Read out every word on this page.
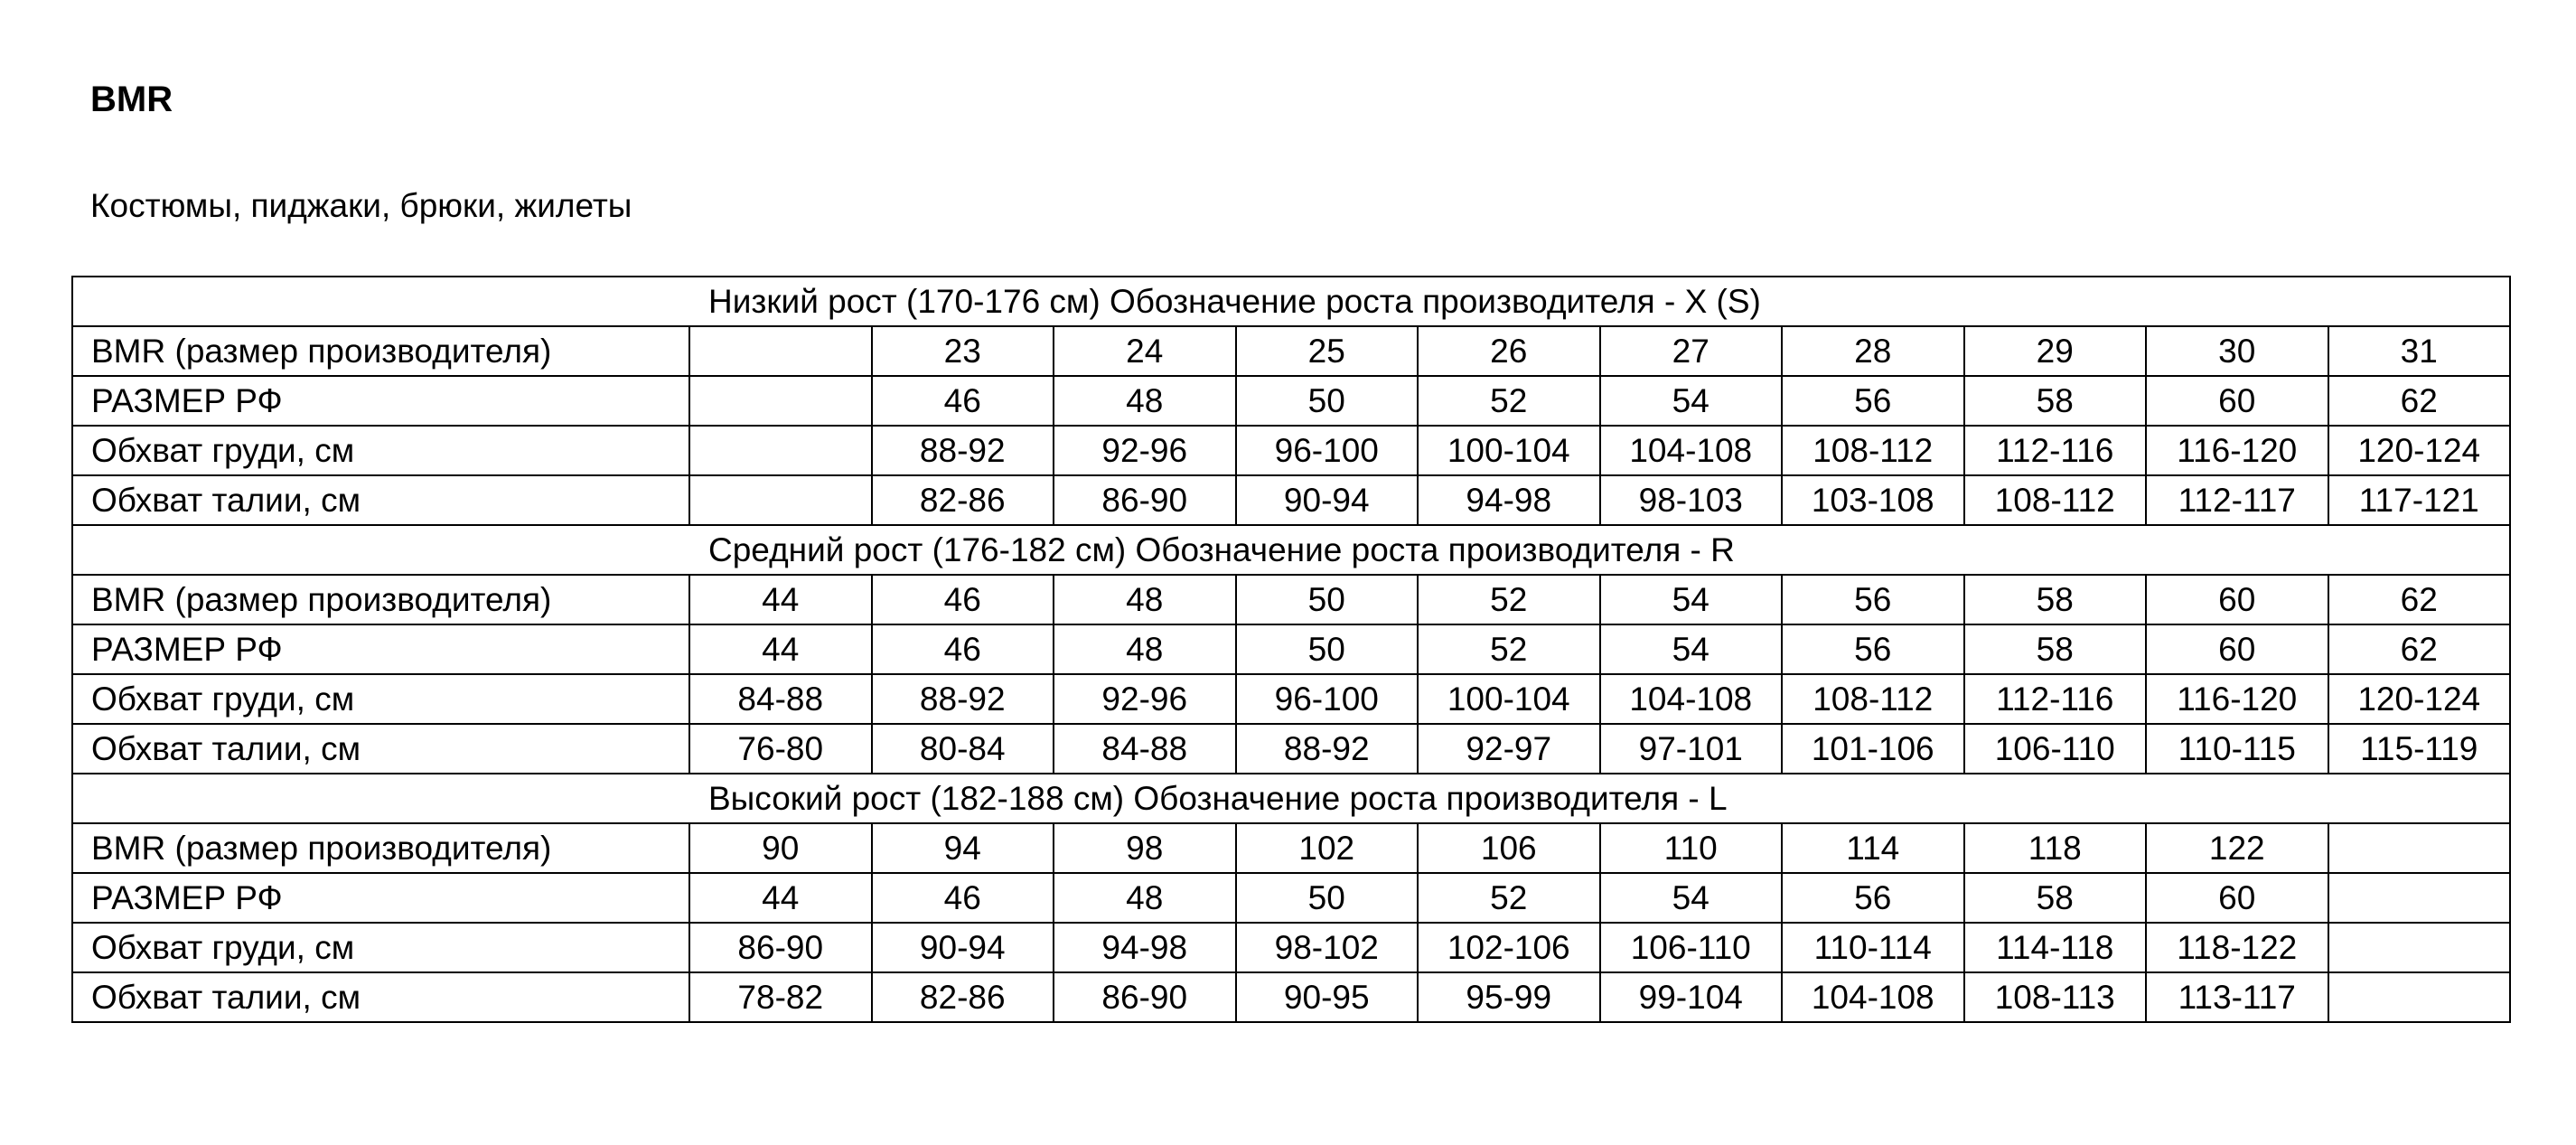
BMR
Костюмы, пиджаки, брюки, жилеты
Низкий рост (170-176 см) Обозначение роста производителя - X (S)										
BMR (размер производителя)		23	24	25	26	27	28	29	30	31
РАЗМЕР РФ		46	48	50	52	54	56	58	60	62
Обхват груди, см		88-92	92-96	96-100	100-104	104-108	108-112	112-116	116-120	120-124
Обхват талии, см		82-86	86-90	90-94	94-98	98-103	103-108	108-112	112-117	117-121
Средний рост (176-182 см) Обозначение роста производителя - R										
BMR (размер производителя)	44	46	48	50	52	54	56	58	60	62
РАЗМЕР РФ	44	46	48	50	52	54	56	58	60	62
Обхват груди, см	84-88	88-92	92-96	96-100	100-104	104-108	108-112	112-116	116-120	120-124
Обхват талии, см	76-80	80-84	84-88	88-92	92-97	97-101	101-106	106-110	110-115	115-119
Высокий рост (182-188 см) Обозначение роста производителя - L										
BMR (размер производителя)	90	94	98	102	106	110	114	118	122	
РАЗМЕР РФ	44	46	48	50	52	54	56	58	60	
Обхват груди, см	86-90	90-94	94-98	98-102	102-106	106-110	110-114	114-118	118-122	
Обхват талии, см	78-82	82-86	86-90	90-95	95-99	99-104	104-108	108-113	113-117	
